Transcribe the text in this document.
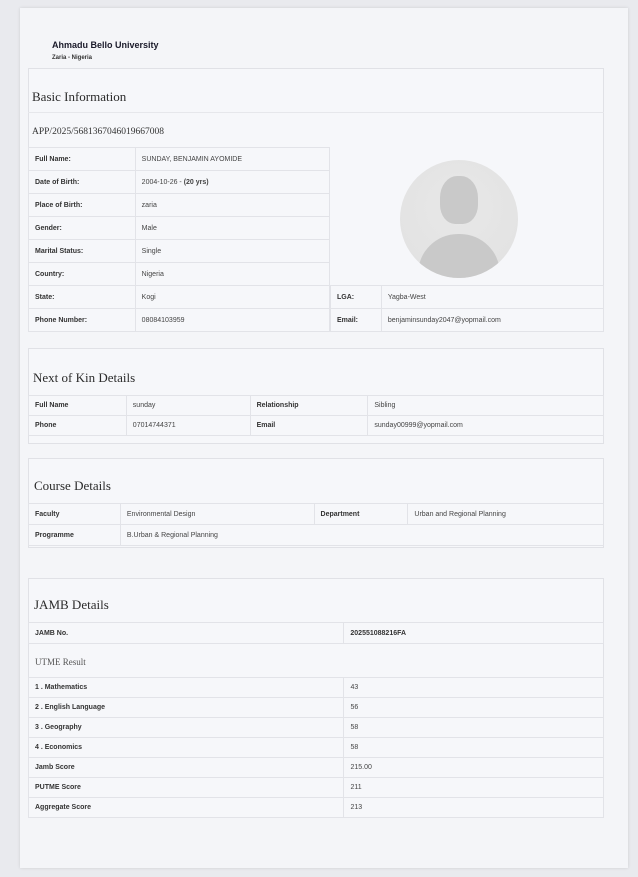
Ahmadu Bello University
Zaria - Nigeria
Basic Information
APP/2025/5681367046019667008
Full Name:	SUNDAY, BENJAMIN AYOMIDE
Date of Birth:	2004-10-26 - (20 yrs)
Place of Birth:	zaria
Gender:	Male
Marital Status:	Single
Country:	Nigeria
State:	Kogi
Phone Number:	08084103959
LGA:	Yagba-West
Email:	benjaminsunday2047@yopmail.com
Next of Kin Details
Full Name	sunday	Relationship	Sibling
Phone	07014744371	Email	sunday00999@yopmail.com
Course Details
Faculty	Environmental Design	Department	Urban and Regional Planning
Programme	B.Urban & Regional Planning		
JAMB Details
JAMB No.	202551088216FA
UTME Result
1 . Mathematics	43
2 . English Language	56
3 . Geography	58
4 . Economics	58
Jamb Score	215.00
PUTME Score	211
Aggregate Score	213
